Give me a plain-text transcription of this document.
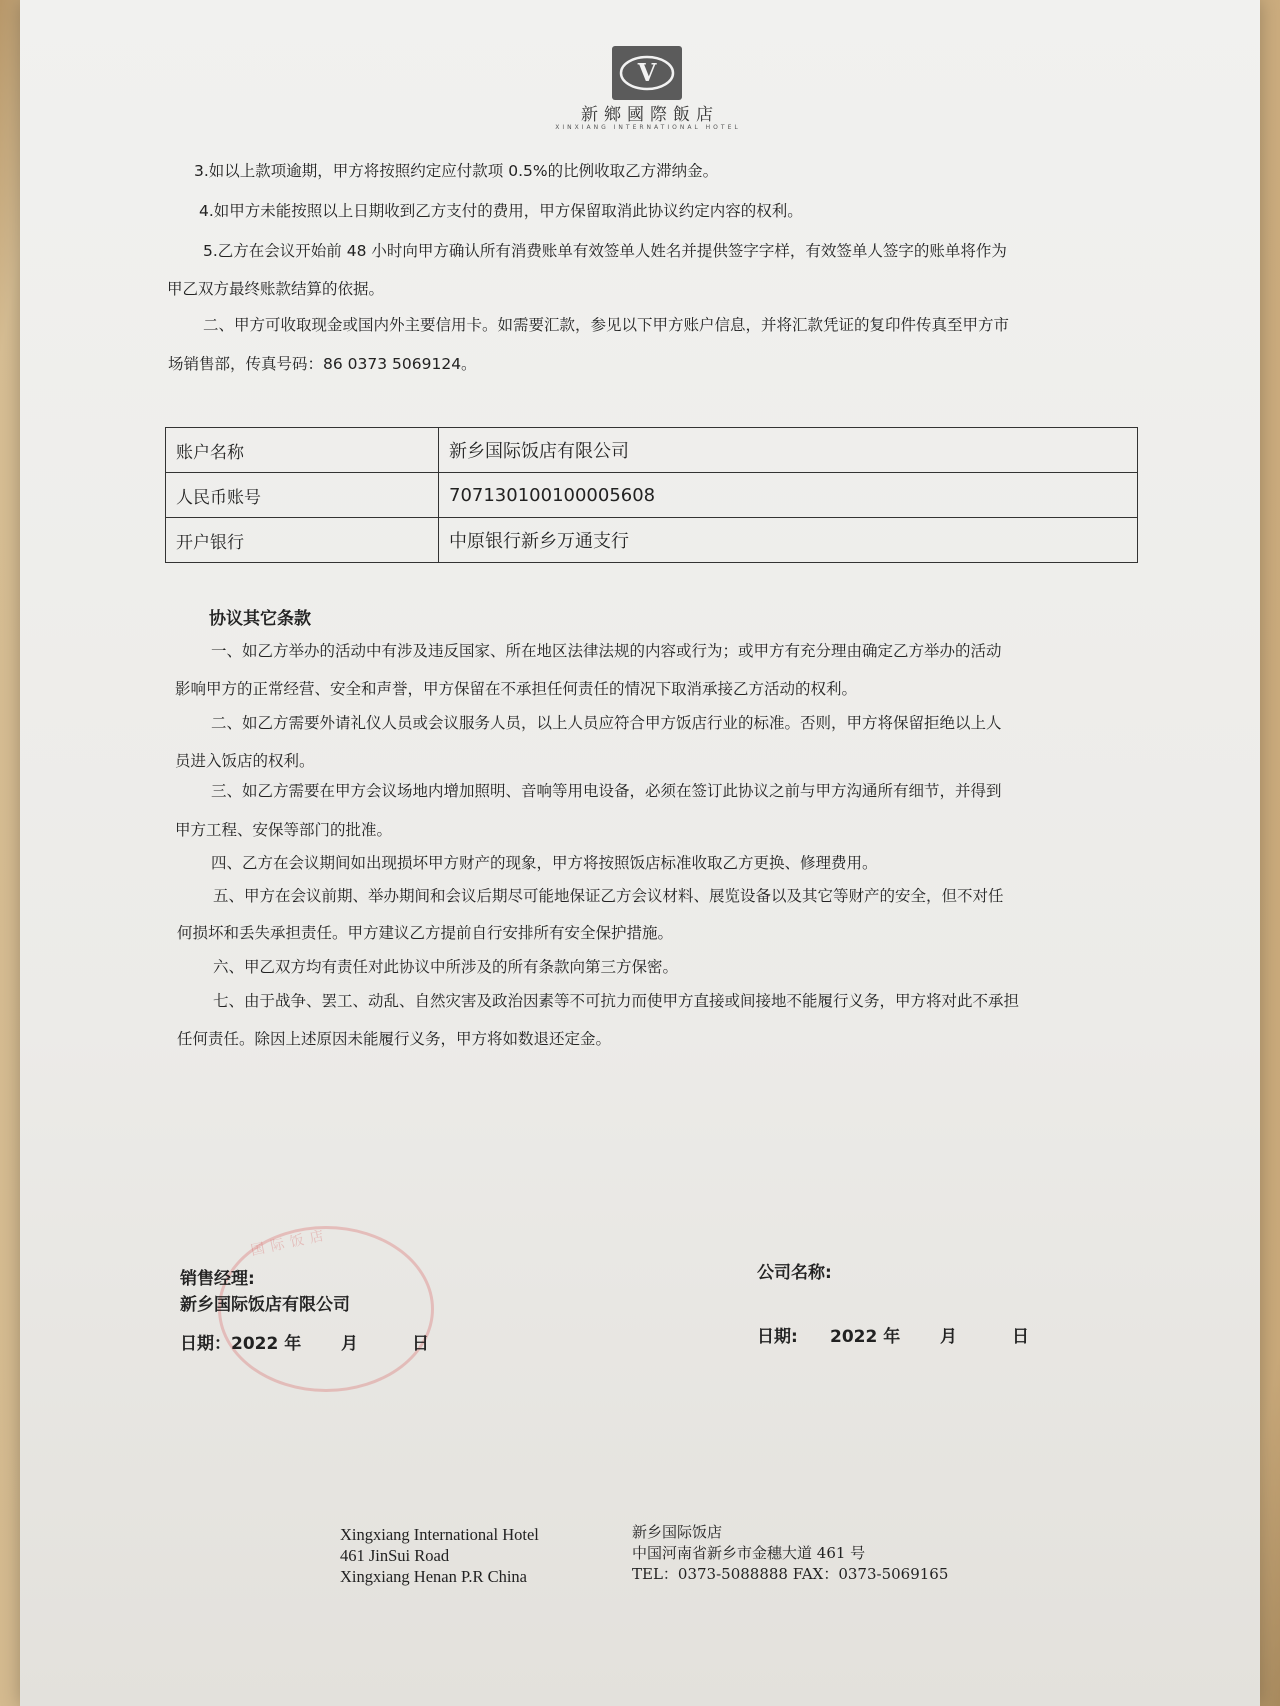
V
新鄉國際飯店
XINXIANG INTERNATIONAL HOTEL
3.如以上款项逾期，甲方将按照约定应付款项 0.5%的比例收取乙方滞纳金。
4.如甲方未能按照以上日期收到乙方支付的费用，甲方保留取消此协议约定内容的权利。
5.乙方在会议开始前 48 小时向甲方确认所有消费账单有效签单人姓名并提供签字字样，有效签单人签字的账单将作为
甲乙双方最终账款结算的依据。
二、甲方可收取现金或国内外主要信用卡。如需要汇款，参见以下甲方账户信息，并将汇款凭证的复印件传真至甲方市
场销售部，传真号码：86 0373 5069124。
账户名称	新乡国际饭店有限公司
人民币账号	707130100100005608
开户银行	中原银行新乡万通支行
协议其它条款
一、如乙方举办的活动中有涉及违反国家、所在地区法律法规的内容或行为；或甲方有充分理由确定乙方举办的活动
影响甲方的正常经营、安全和声誉，甲方保留在不承担任何责任的情况下取消承接乙方活动的权利。
二、如乙方需要外请礼仪人员或会议服务人员，以上人员应符合甲方饭店行业的标准。否则，甲方将保留拒绝以上人
员进入饭店的权利。
三、如乙方需要在甲方会议场地内增加照明、音响等用电设备，必须在签订此协议之前与甲方沟通所有细节，并得到
甲方工程、安保等部门的批准。
四、乙方在会议期间如出现损坏甲方财产的现象，甲方将按照饭店标准收取乙方更换、修理费用。
五、甲方在会议前期、举办期间和会议后期尽可能地保证乙方会议材料、展览设备以及其它等财产的安全，但不对任
何损坏和丢失承担责任。甲方建议乙方提前自行安排所有安全保护措施。
六、甲乙双方均有责任对此协议中所涉及的所有条款向第三方保密。
七、由于战争、罢工、动乱、自然灾害及政治因素等不可抗力而使甲方直接或间接地不能履行义务，甲方将对此不承担
任何责任。除因上述原因未能履行义务，甲方将如数退还定金。
国际饭店
销售经理:
新乡国际饭店有限公司
日期：2022 年 月	日
公司名称:
日期: 2022 年 月	日
Xingxiang International Hotel
461 JinSui Road
Xingxiang Henan P.R China
新乡国际饭店
中国河南省新乡市金穗大道 461 号
TEL：0373-5088888 FAX：0373-5069165
